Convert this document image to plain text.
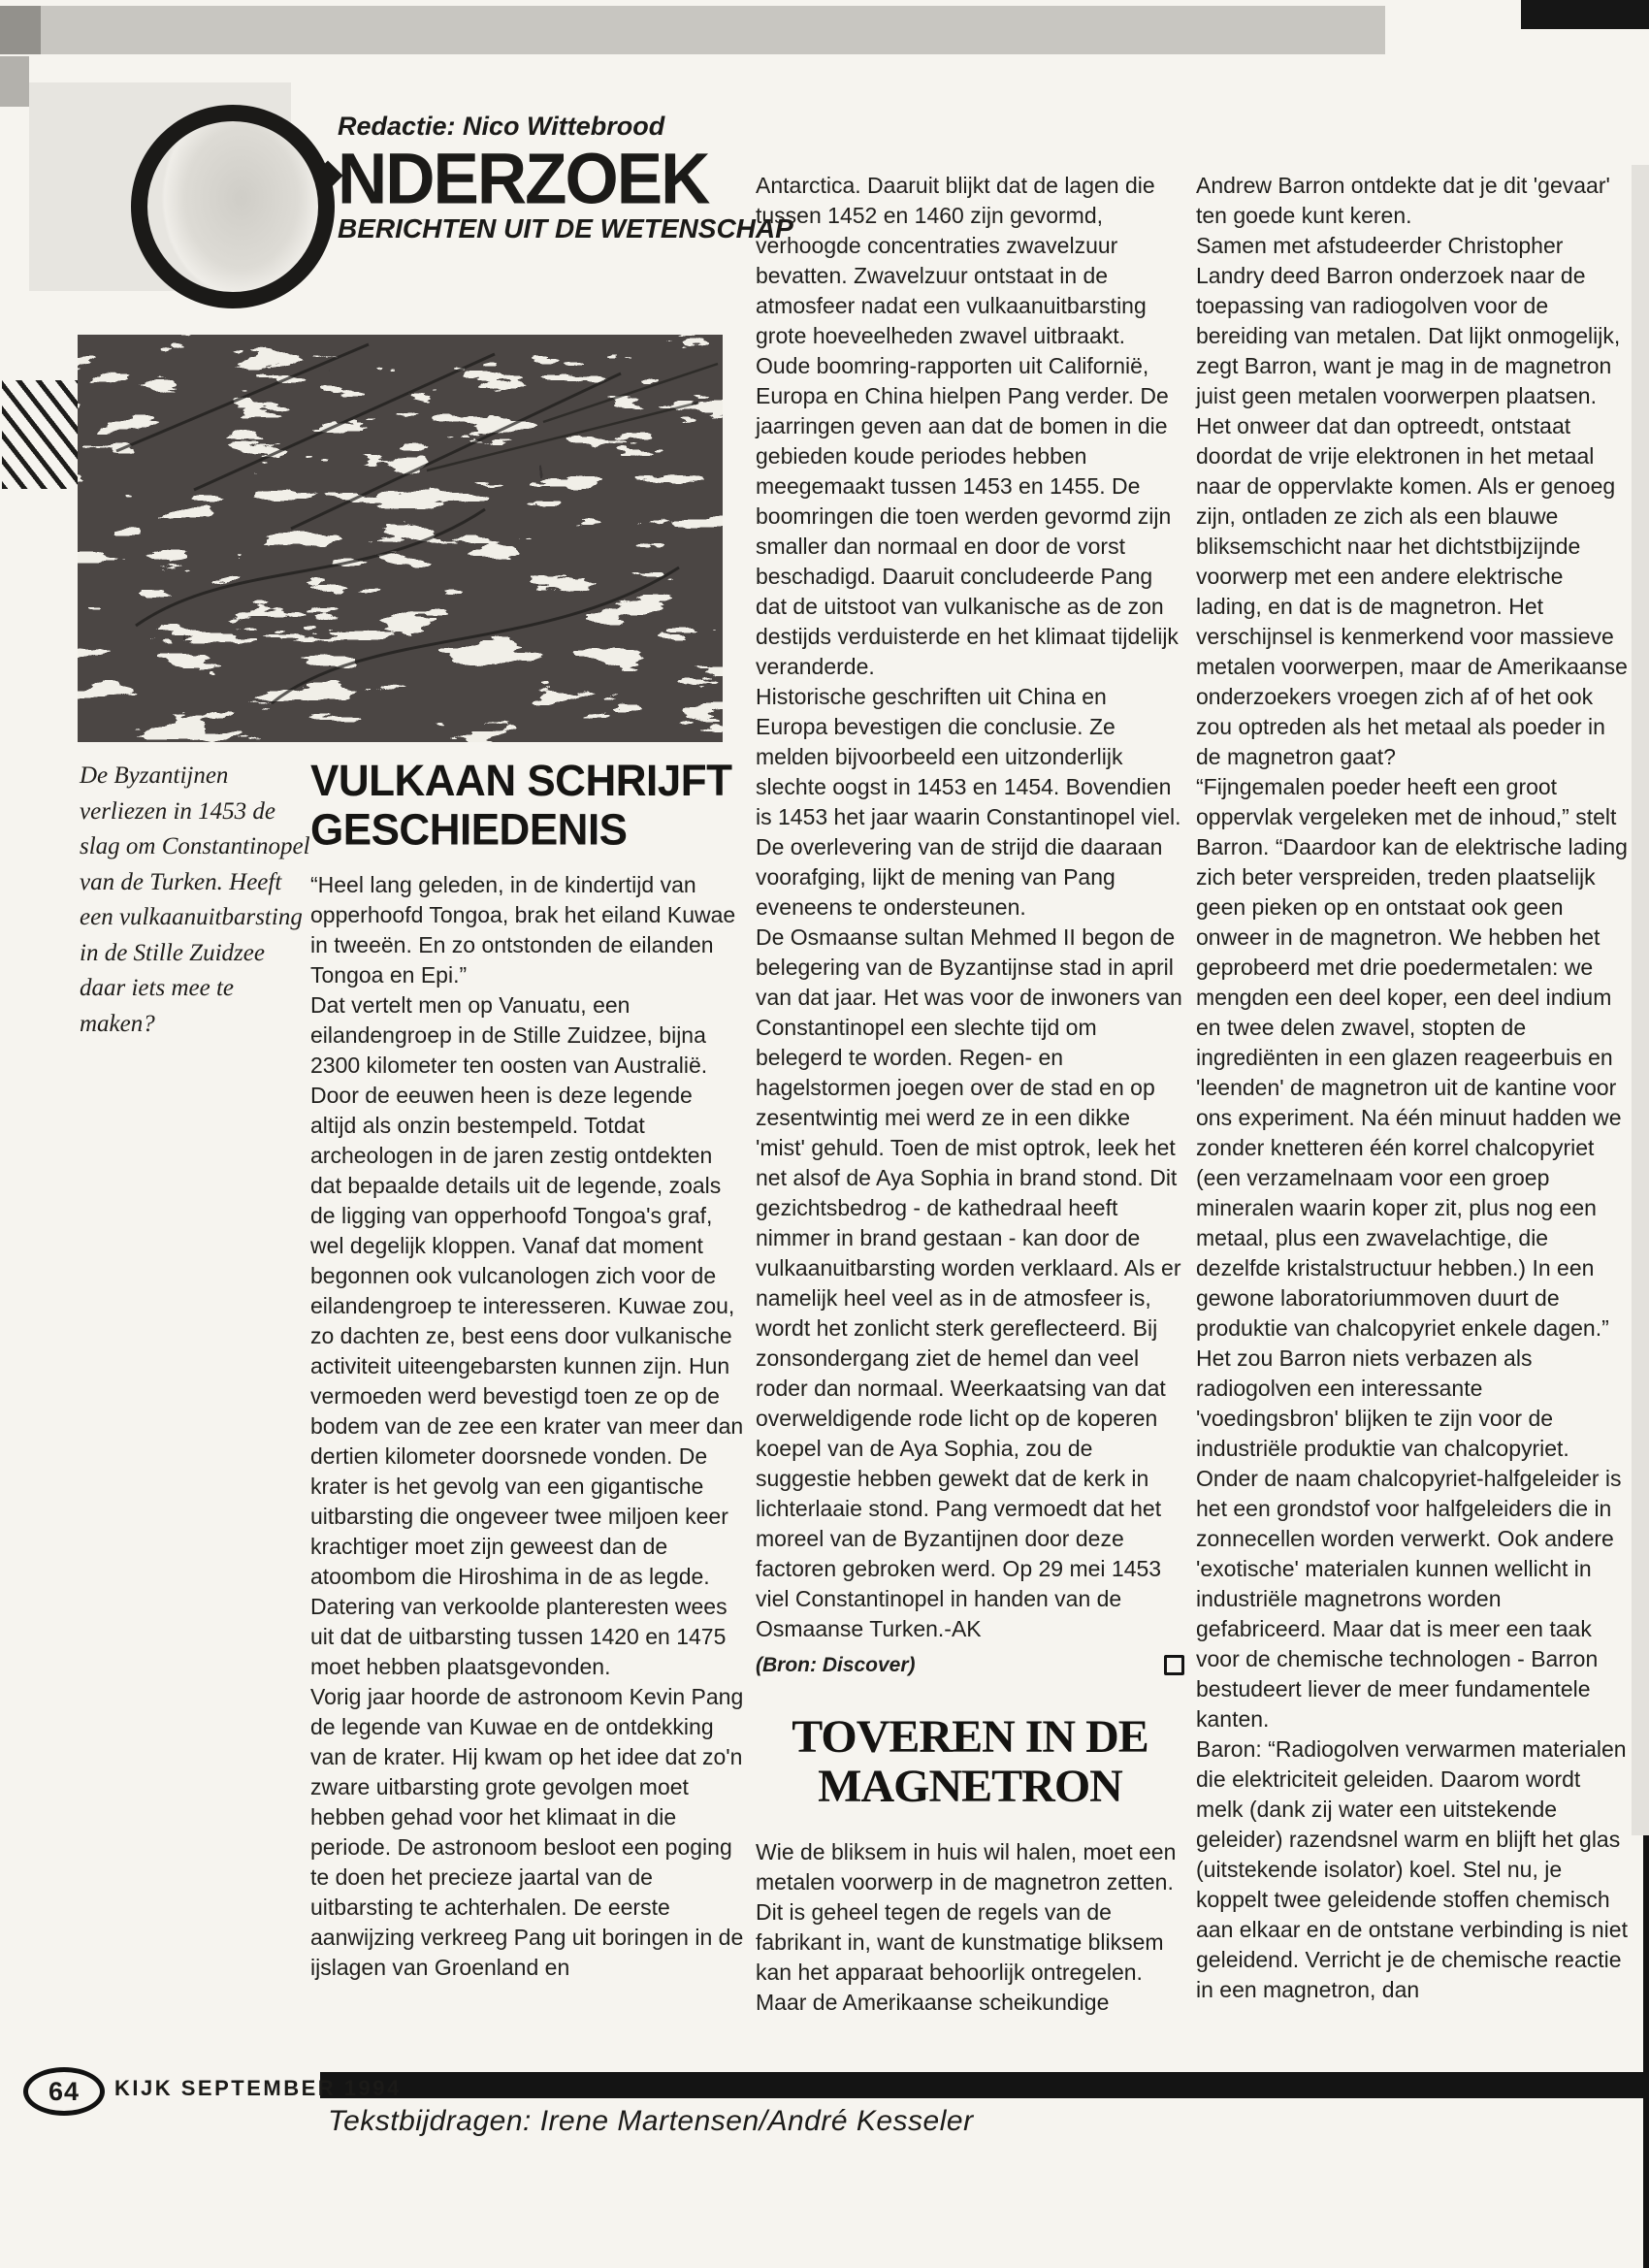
Redactie: Nico Wittebrood
NDERZOEK
BERICHTEN UIT DE WETENSCHAP
De Byzantijnen verliezen in 1453 de slag om Constantinopel van de Turken. Heeft een vulkaanuitbarsting in de Stille Zuidzee daar iets mee te maken?
VULKAAN SCHRIJFT GESCHIEDENIS

“Heel lang geleden, in de kindertijd van opperhoofd Tongoa, brak het eiland Kuwae in tweeën. En zo ontstonden de eilanden Tongoa en Epi.”

Dat vertelt men op Vanuatu, een eilandengroep in de Stille Zuidzee, bijna 2300 kilometer ten oosten van Australië. Door de eeuwen heen is deze legende altijd als onzin bestempeld. Totdat archeologen in de jaren zestig ontdekten dat bepaalde details uit de legende, zoals de ligging van opperhoofd Tongoa's graf, wel degelijk kloppen. Vanaf dat moment begonnen ook vulcanologen zich voor de eilandengroep te interesseren. Kuwae zou, zo dachten ze, best eens door vulkanische activiteit uiteengebarsten kunnen zijn. Hun vermoeden werd bevestigd toen ze op de bodem van de zee een krater van meer dan dertien kilometer doorsnede vonden. De krater is het gevolg van een gigantische uitbarsting die ongeveer twee miljoen keer krachtiger moet zijn geweest dan de atoombom die Hiroshima in de as legde. Datering van verkoolde planteresten wees uit dat de uitbarsting tussen 1420 en 1475 moet hebben plaatsgevonden.

Vorig jaar hoorde de astronoom Kevin Pang de legende van Kuwae en de ontdekking van de krater. Hij kwam op het idee dat zo'n zware uitbarsting grote gevolgen moet hebben gehad voor het klimaat in die periode. De astronoom besloot een poging te doen het precieze jaartal van de uitbarsting te achterhalen. De eerste aanwijzing verkreeg Pang uit boringen in de ijslagen van Groenland en

Antarctica. Daaruit blijkt dat de lagen die tussen 1452 en 1460 zijn gevormd, verhoogde concentraties zwavelzuur bevatten. Zwavelzuur ontstaat in de atmosfeer nadat een vulkaanuitbarsting grote hoeveelheden zwavel uitbraakt.

Oude boomring-rapporten uit Californië, Europa en China hielpen Pang verder. De jaarringen geven aan dat de bomen in die gebieden koude periodes hebben meegemaakt tussen 1453 en 1455. De boomringen die toen werden gevormd zijn smaller dan normaal en door de vorst beschadigd. Daaruit concludeerde Pang dat de uitstoot van vulkanische as de zon destijds verduisterde en het klimaat tijdelijk veranderde.

Historische geschriften uit China en Europa bevestigen die conclusie. Ze melden bijvoorbeeld een uitzonderlijk slechte oogst in 1453 en 1454. Bovendien is 1453 het jaar waarin Constantinopel viel. De overlevering van de strijd die daaraan voorafging, lijkt de mening van Pang eveneens te ondersteunen.

De Osmaanse sultan Mehmed II begon de belegering van de Byzantijnse stad in april van dat jaar. Het was voor de inwoners van Constantinopel een slechte tijd om belegerd te worden. Regen- en hagelstormen joegen over de stad en op zesentwintig mei werd ze in een dikke 'mist' gehuld. Toen de mist optrok, leek het net alsof de Aya Sophia in brand stond. Dit gezichtsbedrog - de kathedraal heeft nimmer in brand gestaan - kan door de vulkaanuitbarsting worden verklaard. Als er namelijk heel veel as in de atmosfeer is, wordt het zonlicht sterk gereflecteerd. Bij zonsondergang ziet de hemel dan veel roder dan normaal. Weerkaatsing van dat overweldigende rode licht op de koperen koepel van de Aya Sophia, zou de suggestie hebben gewekt dat de kerk in lichterlaaie stond. Pang vermoedt dat het moreel van de Byzantijnen door deze factoren gebroken werd. Op 29 mei 1453 viel Constantinopel in handen van de Osmaanse Turken.-AK

(Bron: Discover)
TOVEREN IN DE
MAGNETRON

Wie de bliksem in huis wil halen, moet een metalen voorwerp in de magnetron zetten. Dit is geheel tegen de regels van de fabrikant in, want de kunstmatige bliksem kan het apparaat behoorlijk ontregelen. Maar de Amerikaanse scheikundige

Andrew Barron ontdekte dat je dit 'gevaar' ten goede kunt keren.

Samen met afstudeerder Christopher Landry deed Barron onderzoek naar de toepassing van radiogolven voor de bereiding van metalen. Dat lijkt onmogelijk, zegt Barron, want je mag in de magnetron juist geen metalen voorwerpen plaatsen. Het onweer dat dan optreedt, ontstaat doordat de vrije elektronen in het metaal naar de oppervlakte komen. Als er genoeg zijn, ontladen ze zich als een blauwe bliksemschicht naar het dichtstbijzijnde voorwerp met een andere elektrische lading, en dat is de magnetron. Het verschijnsel is kenmerkend voor massieve metalen voorwerpen, maar de Amerikaanse onderzoekers vroegen zich af of het ook zou optreden als het metaal als poeder in de magnetron gaat?

“Fijngemalen poeder heeft een groot oppervlak vergeleken met de inhoud,” stelt Barron. “Daardoor kan de elektrische lading zich beter verspreiden, treden plaatselijk geen pieken op en ontstaat ook geen onweer in de magnetron. We hebben het geprobeerd met drie poedermetalen: we mengden een deel koper, een deel indium en twee delen zwavel, stopten de ingrediënten in een glazen reageerbuis en 'leenden' de magnetron uit de kantine voor ons experiment. Na één minuut hadden we zonder knetteren één korrel chalcopyriet (een verzamelnaam voor een groep mineralen waarin koper zit, plus nog een metaal, plus een zwavelachtige, die dezelfde kristalstructuur hebben.) In een gewone laboratoriummoven duurt de produktie van chalcopyriet enkele dagen.”

Het zou Barron niets verbazen als radiogolven een interessante 'voedingsbron' blijken te zijn voor de industriële produktie van chalcopyriet. Onder de naam chalcopyriet-halfgeleider is het een grondstof voor halfgeleiders die in zonnecellen worden verwerkt. Ook andere 'exotische' materialen kunnen wellicht in industriële magnetrons worden gefabriceerd. Maar dat is meer een taak voor de chemische technologen - Barron bestudeert liever de meer fundamentele kanten.

Baron: “Radiogolven verwarmen materialen die elektriciteit geleiden. Daarom wordt melk (dank zij water een uitstekende geleider) razendsnel warm en blijft het glas (uitstekende isolator) koel. Stel nu, je koppelt twee geleidende stoffen chemisch aan elkaar en de ontstane verbinding is niet geleidend. Verricht je de chemische reactie in een magnetron, dan

64	KIJK SEPTEMBER 1994
Tekstbijdragen: Irene Martensen/André Kesseler
